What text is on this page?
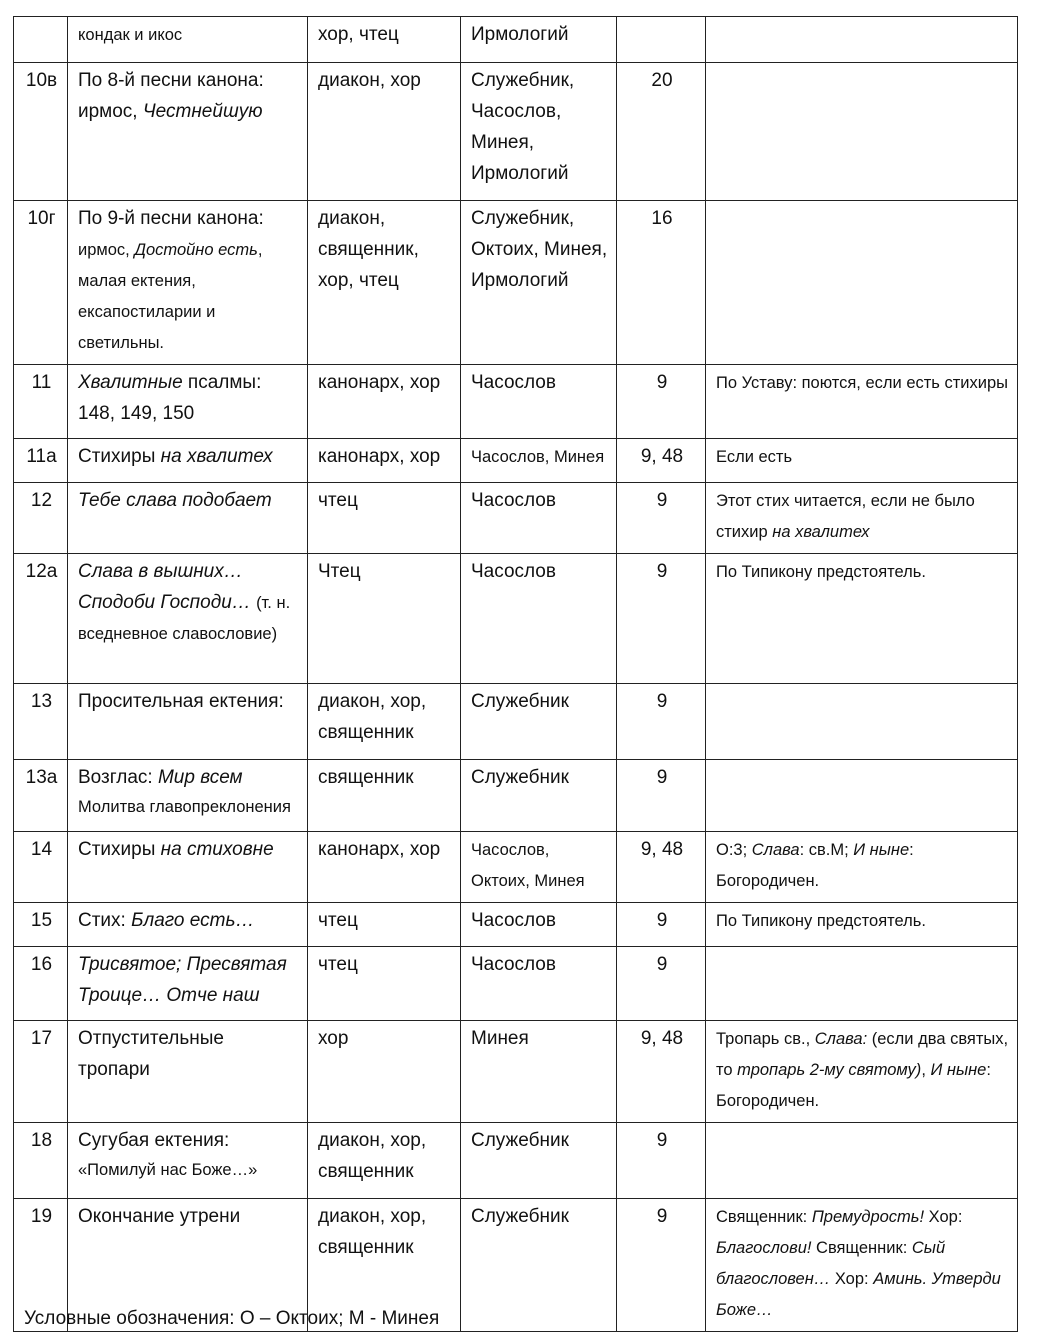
	кондак и икос	хор, чтец	Ирмологий		
10в	По 8-й песни канона: ирмос, Честнейшую	диакон, хор	Служебник, Часослов, Минея, Ирмологий	20	
10г	По 9-й песни канона: ирмос, Достойно есть, малая ектения, ексапостиларии и светильны.	диакон, священник, хор, чтец	Служебник, Октоих, Минея, Ирмологий	16	
11	Хвалитные псалмы: 148, 149, 150	канонарх, хор	Часослов	9	По Уставу: поются, если есть стихиры
11а	Стихиры на хвалитех	канонарх, хор	Часослов, Минея	9, 48	Если есть
12	Тебе слава подобает	чтец	Часослов	9	Этот стих читается, если не было стихир на хвалитех
12а	Слава в вышних… Сподоби Господи… (т. н. вседневное славословие)	Чтец	Часослов	9	По Типикону предстоятель.
13	Просительная ектения:	диакон, хор, священник	Служебник	9	
13а	Возглас: Мир всем
Молитва главопреклонения	священник	Служебник	9	
14	Стихиры на стиховне	канонарх, хор	Часослов, Октоих, Минея	9, 48	О:3; Слава: св.М; И ныне: Богородичен.
15	Стих: Благо есть…	чтец	Часослов	9	По Типикону предстоятель.
16	Трисвятое; Пресвятая Троице… Отче наш	чтец	Часослов	9	
17	Отпустительные тропари	хор	Минея	9, 48	Тропарь св., Слава: (если два святых, то тропарь 2-му святому), И ныне: Богородичен.
18	Сугубая ектения:
«Помилуй нас Боже…»	диакон, хор, священник	Служебник	9	
19	Окончание утрени	диакон, хор, священник	Служебник	9	Священник: Премудрость! Хор: Благослови! Священник: Сый благословен… Хор: Аминь. Утверди Боже…
Условные обозначения: О – Октоих; М - Минея
